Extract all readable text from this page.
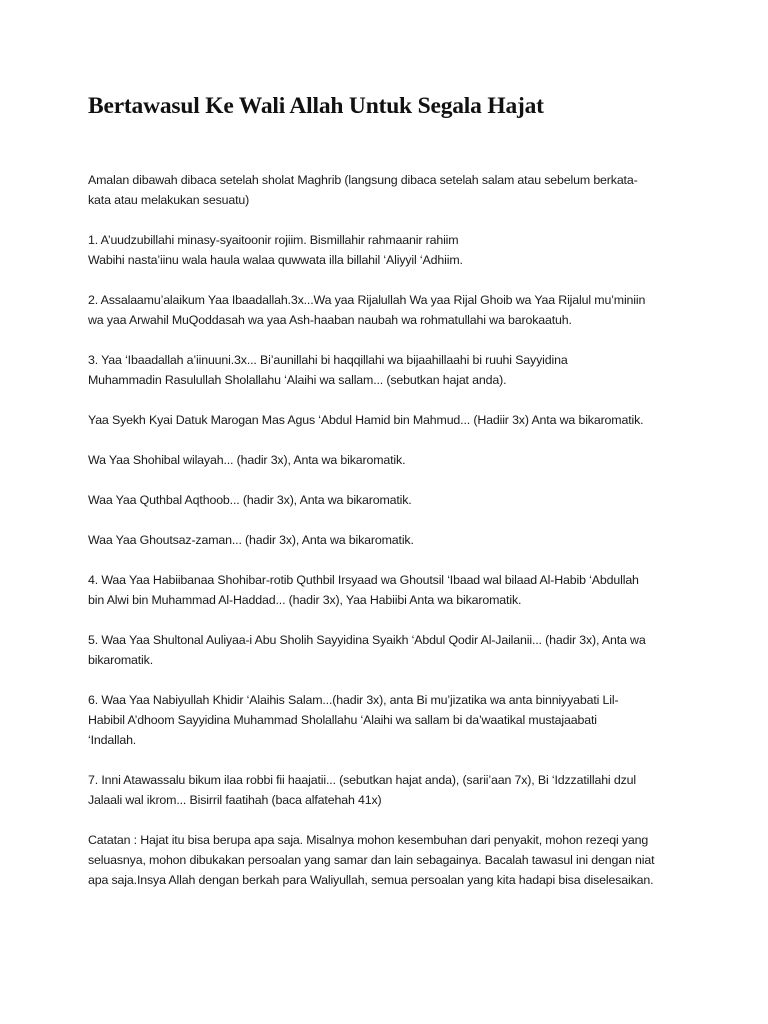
Bertawasul Ke Wali Allah Untuk Segala Hajat

Amalan dibawah dibaca setelah sholat Maghrib (langsung dibaca setelah salam atau sebelum berkata-
kata atau melakukan sesuatu)

1. A’uudzubillahi minasy-syaitoonir rojiim. Bismillahir rahmaanir rahiim
Wabihi nasta’iinu wala haula walaa quwwata illa billahil ‘Aliyyil ‘Adhiim.

2. Assalaamu’alaikum Yaa Ibaadallah.3x...Wa yaa Rijalullah Wa yaa Rijal Ghoib wa Yaa Rijalul mu’miniin
wa yaa Arwahil MuQoddasah wa yaa Ash-haaban naubah wa rohmatullahi wa barokaatuh.

3. Yaa ‘Ibaadallah a’iinuuni.3x... Bi’aunillahi bi haqqillahi wa bijaahillaahi bi ruuhi Sayyidina
Muhammadin Rasulullah Sholallahu ‘Alaihi wa sallam... (sebutkan hajat anda).

Yaa Syekh Kyai Datuk Marogan Mas Agus ‘Abdul Hamid bin Mahmud... (Hadiir 3x) Anta wa bikaromatik.

Wa Yaa Shohibal wilayah... (hadir 3x), Anta wa bikaromatik.

Waa Yaa Quthbal Aqthoob... (hadir 3x), Anta wa bikaromatik.

Waa Yaa Ghoutsaz-zaman... (hadir 3x), Anta wa bikaromatik.

4. Waa Yaa Habiibanaa Shohibar-rotib Quthbil Irsyaad wa Ghoutsil ‘Ibaad wal bilaad Al-Habib ‘Abdullah
bin Alwi bin Muhammad Al-Haddad... (hadir 3x), Yaa Habiibi Anta wa bikaromatik.

5. Waa Yaa Shultonal Auliyaa-i Abu Sholih Sayyidina Syaikh ‘Abdul Qodir Al-Jailanii... (hadir 3x), Anta wa
bikaromatik.

6. Waa Yaa Nabiyullah Khidir ‘Alaihis Salam...(hadir 3x), anta Bi mu’jizatika wa anta binniyyabati Lil-
Habibil A’dhoom Sayyidina Muhammad Sholallahu ‘Alaihi wa sallam bi da’waatikal mustajaabati
‘Indallah.

7. Inni Atawassalu bikum ilaa robbi fii haajatii... (sebutkan hajat anda), (sarii’aan 7x), Bi ‘Idzzatillahi dzul
Jalaali wal ikrom... Bisirril faatihah (baca alfatehah 41x)

Catatan : Hajat itu bisa berupa apa saja. Misalnya mohon kesembuhan dari penyakit, mohon rezeqi yang
seluasnya, mohon dibukakan persoalan yang samar dan lain sebagainya. Bacalah tawasul ini dengan niat
apa saja.Insya Allah dengan berkah para Waliyullah, semua persoalan yang kita hadapi bisa diselesaikan.
